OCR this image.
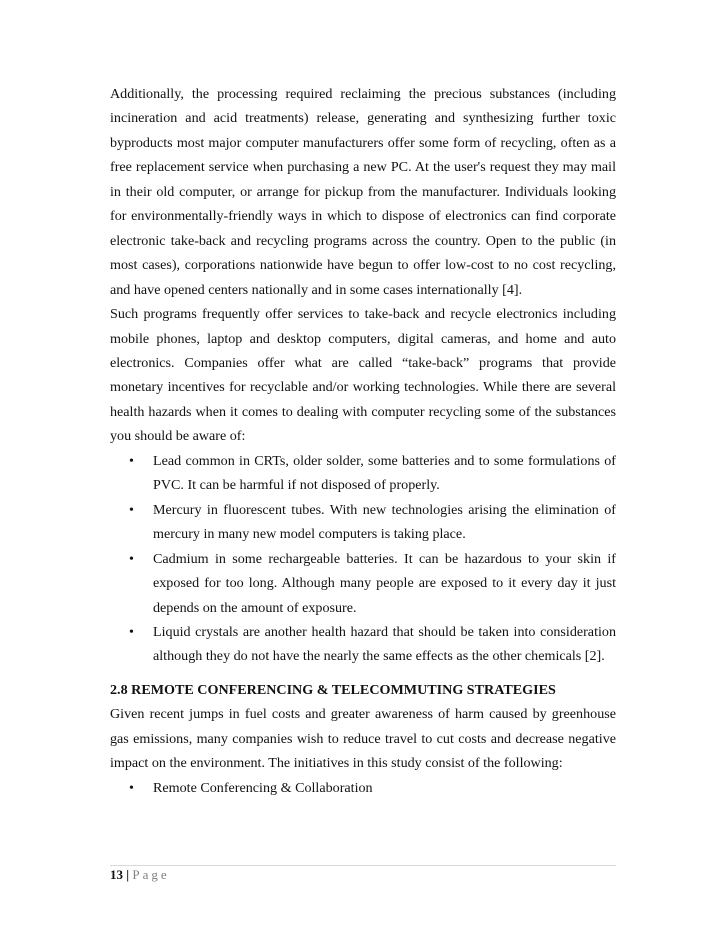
Additionally, the processing required reclaiming the precious substances (including incineration and acid treatments) release, generating and synthesizing further toxic byproducts most major computer manufacturers offer some form of recycling, often as a free replacement service when purchasing a new PC. At the user's request they may mail in their old computer, or arrange for pickup from the manufacturer. Individuals looking for environmentally-friendly ways in which to dispose of electronics can find corporate electronic take-back and recycling programs across the country. Open to the public (in most cases), corporations nationwide have begun to offer low-cost to no cost recycling, and have opened centers nationally and in some cases internationally [4].

Such programs frequently offer services to take-back and recycle electronics including mobile phones, laptop and desktop computers, digital cameras, and home and auto electronics. Companies offer what are called “take-back” programs that provide monetary incentives for recyclable and/or working technologies. While there are several health hazards when it comes to dealing with computer recycling some of the substances you should be aware of:

• Lead common in CRTs, older solder, some batteries and to some formulations of PVC. It can be harmful if not disposed of properly.
• Mercury in fluorescent tubes. With new technologies arising the elimination of mercury in many new model computers is taking place.
• Cadmium in some rechargeable batteries. It can be hazardous to your skin if exposed for too long. Although many people are exposed to it every day it just depends on the amount of exposure.
• Liquid crystals are another health hazard that should be taken into consideration although they do not have the nearly the same effects as the other chemicals [2].
2.8 REMOTE CONFERENCING & TELECOMMUTING STRATEGIES

Given recent jumps in fuel costs and greater awareness of harm caused by greenhouse gas emissions, many companies wish to reduce travel to cut costs and decrease negative impact on the environment. The initiatives in this study consist of the following:

• Remote Conferencing & Collaboration
13 | Page
